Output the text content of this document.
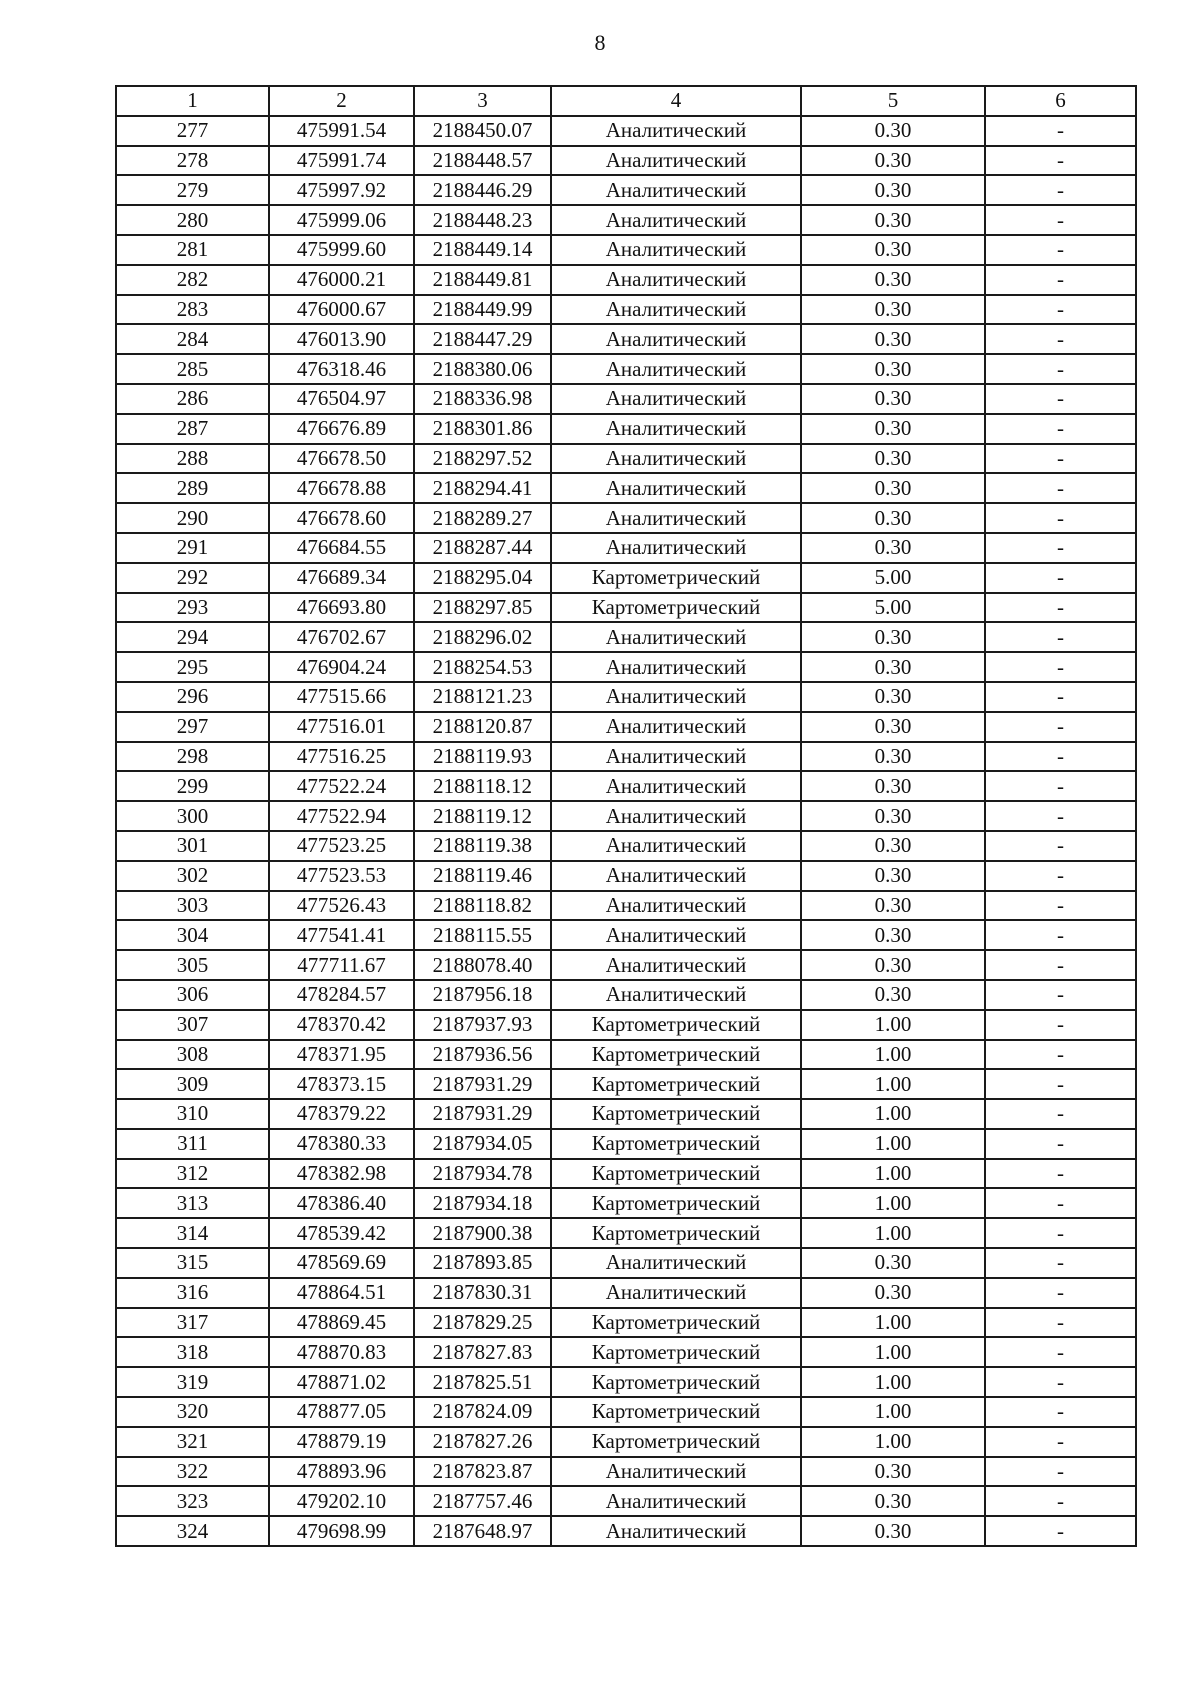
8
1	2	3	4	5	6
277	475991.54	2188450.07	Аналитический	0.30	-
278	475991.74	2188448.57	Аналитический	0.30	-
279	475997.92	2188446.29	Аналитический	0.30	-
280	475999.06	2188448.23	Аналитический	0.30	-
281	475999.60	2188449.14	Аналитический	0.30	-
282	476000.21	2188449.81	Аналитический	0.30	-
283	476000.67	2188449.99	Аналитический	0.30	-
284	476013.90	2188447.29	Аналитический	0.30	-
285	476318.46	2188380.06	Аналитический	0.30	-
286	476504.97	2188336.98	Аналитический	0.30	-
287	476676.89	2188301.86	Аналитический	0.30	-
288	476678.50	2188297.52	Аналитический	0.30	-
289	476678.88	2188294.41	Аналитический	0.30	-
290	476678.60	2188289.27	Аналитический	0.30	-
291	476684.55	2188287.44	Аналитический	0.30	-
292	476689.34	2188295.04	Картометрический	5.00	-
293	476693.80	2188297.85	Картометрический	5.00	-
294	476702.67	2188296.02	Аналитический	0.30	-
295	476904.24	2188254.53	Аналитический	0.30	-
296	477515.66	2188121.23	Аналитический	0.30	-
297	477516.01	2188120.87	Аналитический	0.30	-
298	477516.25	2188119.93	Аналитический	0.30	-
299	477522.24	2188118.12	Аналитический	0.30	-
300	477522.94	2188119.12	Аналитический	0.30	-
301	477523.25	2188119.38	Аналитический	0.30	-
302	477523.53	2188119.46	Аналитический	0.30	-
303	477526.43	2188118.82	Аналитический	0.30	-
304	477541.41	2188115.55	Аналитический	0.30	-
305	477711.67	2188078.40	Аналитический	0.30	-
306	478284.57	2187956.18	Аналитический	0.30	-
307	478370.42	2187937.93	Картометрический	1.00	-
308	478371.95	2187936.56	Картометрический	1.00	-
309	478373.15	2187931.29	Картометрический	1.00	-
310	478379.22	2187931.29	Картометрический	1.00	-
311	478380.33	2187934.05	Картометрический	1.00	-
312	478382.98	2187934.78	Картометрический	1.00	-
313	478386.40	2187934.18	Картометрический	1.00	-
314	478539.42	2187900.38	Картометрический	1.00	-
315	478569.69	2187893.85	Аналитический	0.30	-
316	478864.51	2187830.31	Аналитический	0.30	-
317	478869.45	2187829.25	Картометрический	1.00	-
318	478870.83	2187827.83	Картометрический	1.00	-
319	478871.02	2187825.51	Картометрический	1.00	-
320	478877.05	2187824.09	Картометрический	1.00	-
321	478879.19	2187827.26	Картометрический	1.00	-
322	478893.96	2187823.87	Аналитический	0.30	-
323	479202.10	2187757.46	Аналитический	0.30	-
324	479698.99	2187648.97	Аналитический	0.30	-
